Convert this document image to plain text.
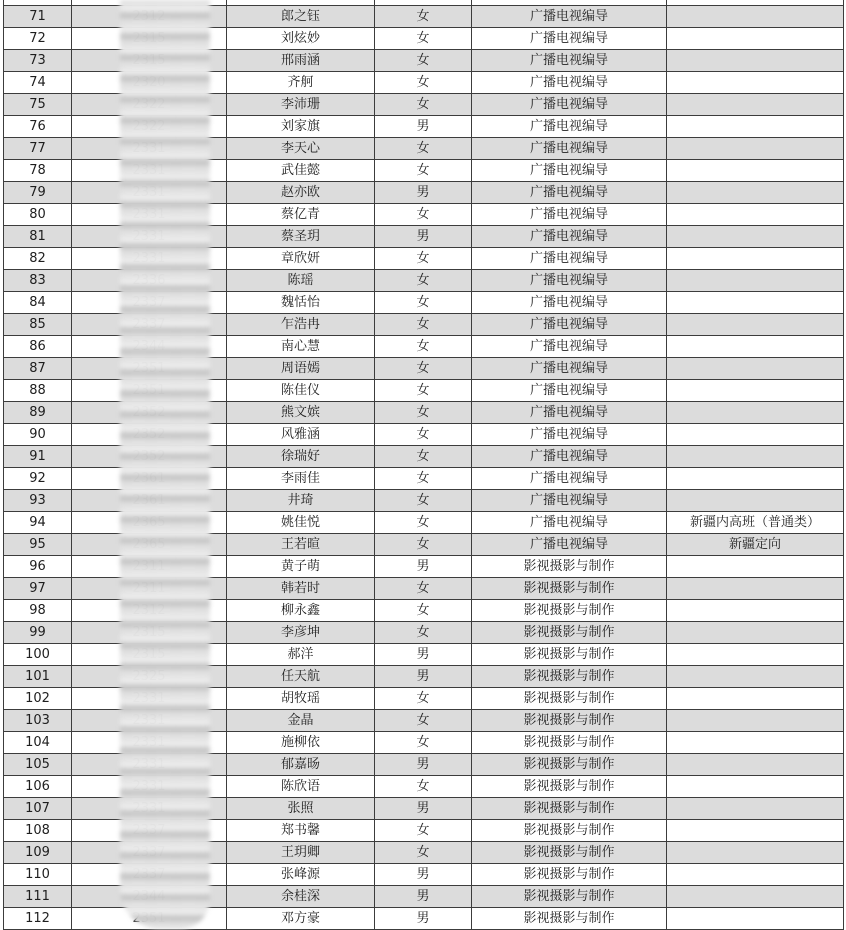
71		郎之钰	女	广播电视编导	
72		刘炫妙	女	广播电视编导	
73		邢雨涵	女	广播电视编导	
74		齐舸	女	广播电视编导	
75		李沛珊	女	广播电视编导	
76		刘家旗	男	广播电视编导	
77		李天心	女	广播电视编导	
78		武佳懿	女	广播电视编导	
79		赵亦欧	男	广播电视编导	
80		蔡亿青	女	广播电视编导	
81		蔡圣玥	男	广播电视编导	
82		章欣妍	女	广播电视编导	
83		陈瑶	女	广播电视编导	
84		魏恬怡	女	广播电视编导	
85		乍浩冉	女	广播电视编导	
86		南心慧	女	广播电视编导	
87		周语嫣	女	广播电视编导	
88		陈佳仪	女	广播电视编导	
89		熊文嫔	女	广播电视编导	
90		风雅涵	女	广播电视编导	
91		徐瑞好	女	广播电视编导	
92		李雨佳	女	广播电视编导	
93		井琦	女	广播电视编导	
94		姚佳悦	女	广播电视编导	新疆内高班（普通类）
95		王若暄	女	广播电视编导	新疆定向
96		黄子萌	男	影视摄影与制作	
97		韩若时	女	影视摄影与制作	
98		柳永鑫	女	影视摄影与制作	
99		李彦坤	女	影视摄影与制作	
100		郝洋	男	影视摄影与制作	
101		任天航	男	影视摄影与制作	
102		胡牧瑶	女	影视摄影与制作	
103		金晶	女	影视摄影与制作	
104		施柳依	女	影视摄影与制作	
105		郁嘉旸	男	影视摄影与制作	
106		陈欣语	女	影视摄影与制作	
107		张照	男	影视摄影与制作	
108		郑书馨	女	影视摄影与制作	
109		王玥卿	女	影视摄影与制作	
110		张峰源	男	影视摄影与制作	
111		余桂深	男	影视摄影与制作	
112		邓方豪	男	影视摄影与制作	
